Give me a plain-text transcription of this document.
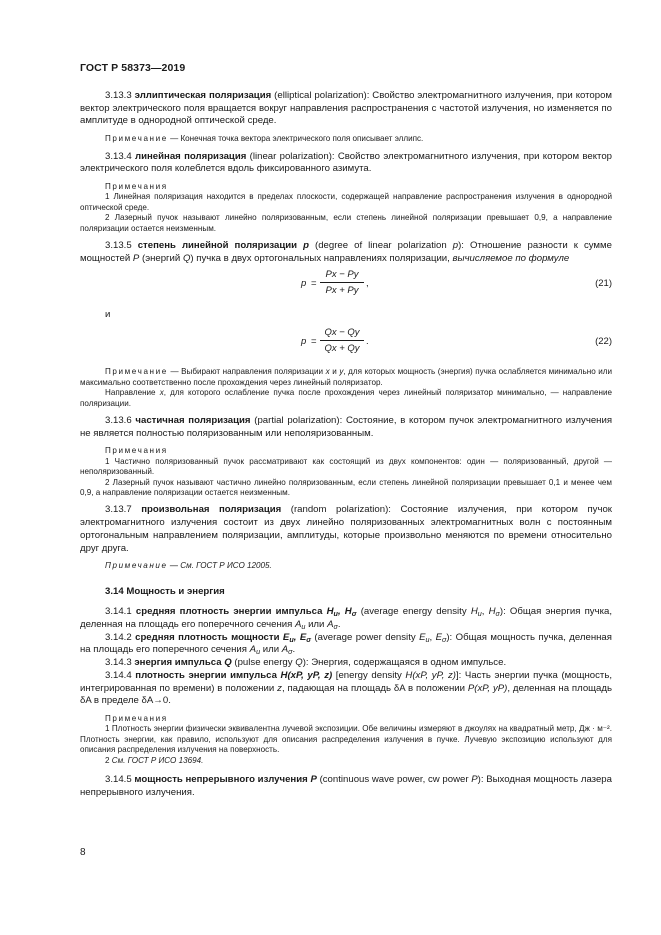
ГОСТ Р 58373—2019

3.13.3 эллиптическая поляризация (elliptical polarization): Свойство электромагнитного излучения, при котором вектор электрического поля вращается вокруг направления распространения с частотой излучения, но изменяется по амплитуде в однородной оптической среде.

Примечание — Конечная точка вектора электрического поля описывает эллипс.

3.13.4 линейная поляризация (linear polarization): Свойство электромагнитного излучения, при котором вектор электрического поля колеблется вдоль фиксированного азимута.

Примечания

1 Линейная поляризация находится в пределах плоскости, содержащей направление распространения излучения в однородной оптической среде.

2 Лазерный пучок называют линейно поляризованным, если степень линейной поляризации превышает 0,9, а направление поляризации остается неизменным.

3.13.5 степень линейной поляризации p (degree of linear polarization p): Отношение разности к сумме мощностей P (энергий Q) пучка в двух ортогональных направлениях поляризации, вычисляемое по формуле

$p = \frac{Px - Py}{Px + Py}$ ,	(21)

и

$p = \frac{Qx - Qy}{Qx + Qy}$ .	(22)

Примечание — Выбирают направления поляризации x и y, для которых мощность (энергия) пучка ослабляется минимально или максимально соответственно после прохождения через линейный поляризатор.

Направление x, для которого ослабление пучка после прохождения через линейный поляризатор минимально, — направление поляризации.

3.13.6 частичная поляризация (partial polarization): Состояние, в котором пучок электромагнитного излучения не является полностью поляризованным или неполяризованным.

Примечания

1 Частично поляризованный пучок рассматривают как состоящий из двух компонентов: один — поляризованный, другой — неполяризованный.

2 Лазерный пучок называют частично линейно поляризованным, если степень линейной поляризации превышает 0,1 и менее чем 0,9, а направление поляризации остается неизменным.

3.13.7 произвольная поляризация (random polarization): Состояние излучения, при котором пучок электромагнитного излучения состоит из двух линейно поляризованных электромагнитных волн с постоянным ортогональным направлением поляризации, амплитуды, которые произвольно меняются по времени относительно друг друга.

Примечание — См. ГОСТ Р ИСО 12005.

3.14 Мощность и энергия

3.14.1 средняя плотность энергии импульса $H_u$, $H_\sigma$ (average energy density $H_u$, $H_\sigma$): Общая энергия пучка, деленная на площадь его поперечного сечения $A_u$ или $A_\sigma$.

3.14.2 средняя плотность мощности $E_u$, $E_\sigma$ (average power density $E_u$, $E_\sigma$): Общая мощность пучка, деленная на площадь его поперечного сечения $A_u$ или $A_\sigma$.

3.14.3 энергия импульса Q (pulse energy Q): Энергия, содержащаяся в одном импульсе.

3.14.4 плотность энергии импульса H(xP, yP, z) [energy density H(xP, yP, z)]: Часть энергии пучка (мощность, интегрированная по времени) в положении z, падающая на площадь δA в положении P(xP, yP), деленная на площадь δA в пределе δA→0.

Примечания

1 Плотность энергии физически эквивалентна лучевой экспозиции. Обе величины измеряют в джоулях на квадратный метр, Дж · м⁻². Плотность энергии, как правило, используют для описания распределения излучения в пучке. Лучевую экспозицию используют для описания распределения излучения на поверхность.

2 См. ГОСТ Р ИСО 13694.

3.14.5 мощность непрерывного излучения P (continuous wave power, cw power P): Выходная мощность лазера непрерывного излучения.

8
